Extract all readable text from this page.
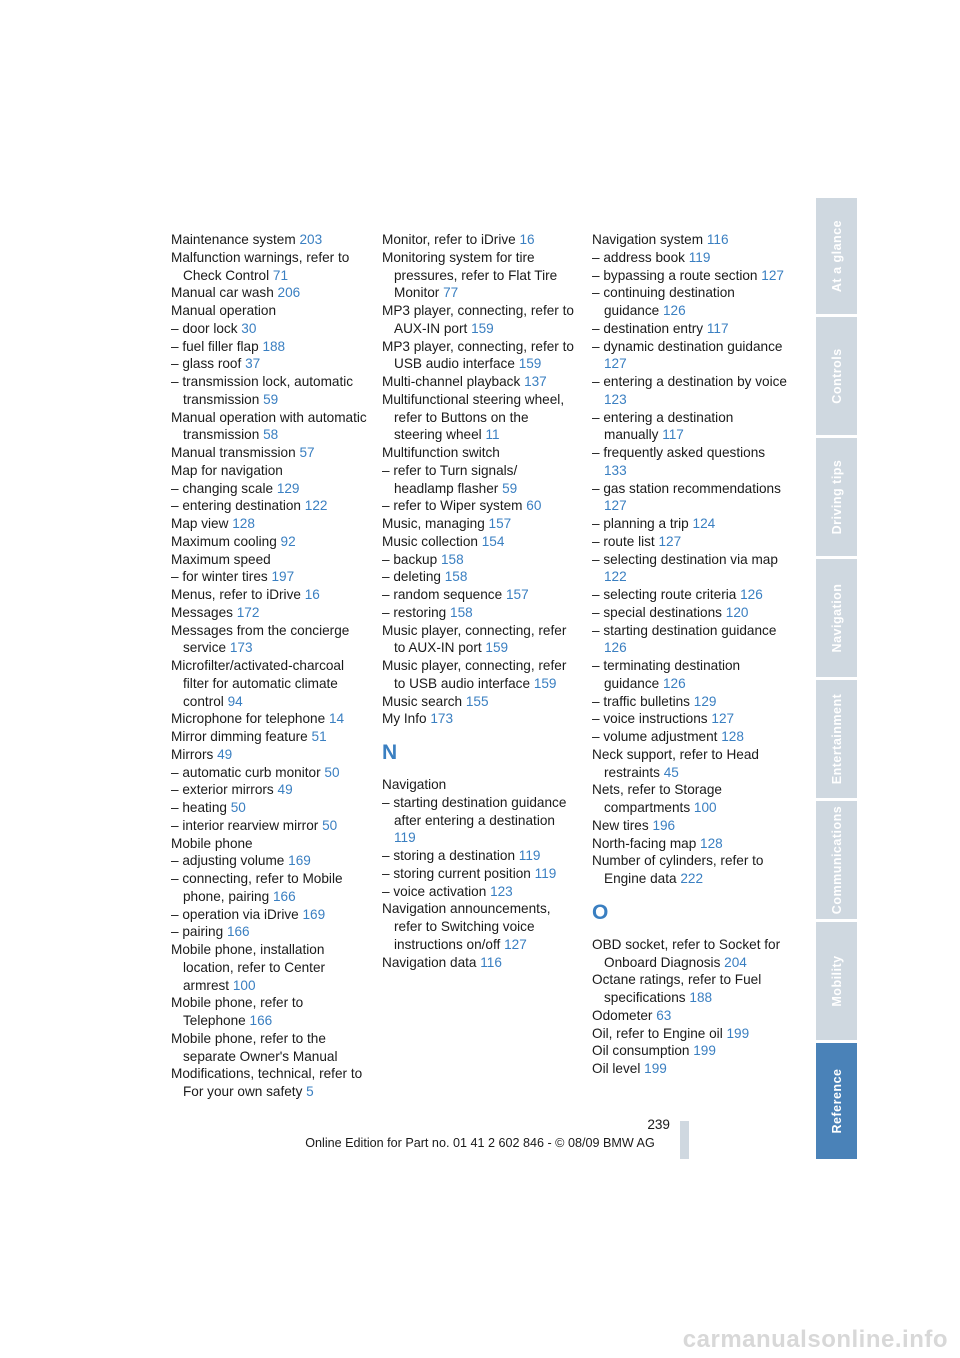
Maintenance system 203
Malfunction warnings, refer to Check Control 71
Manual car wash 206
Manual operation
– door lock 30
– fuel filler flap 188
– glass roof 37
– transmission lock, automatic transmission 59
Manual operation with automatic transmission 58
Manual transmission 57
Map for navigation
– changing scale 129
– entering destination 122
Map view 128
Maximum cooling 92
Maximum speed
– for winter tires 197
Menus, refer to iDrive 16
Messages 172
Messages from the concierge service 173
Microfilter/activated-charcoal filter for automatic climate control 94
Microphone for telephone 14
Mirror dimming feature 51
Mirrors 49
– automatic curb monitor 50
– exterior mirrors 49
– heating 50
– interior rearview mirror 50
Mobile phone
– adjusting volume 169
– connecting, refer to Mobile phone, pairing 166
– operation via iDrive 169
– pairing 166
Mobile phone, installation location, refer to Center armrest 100
Mobile phone, refer to Telephone 166
Mobile phone, refer to the separate Owner's Manual
Modifications, technical, refer to For your own safety 5
Monitor, refer to iDrive 16
Monitoring system for tire pressures, refer to Flat Tire Monitor 77
MP3 player, connecting, refer to AUX-IN port 159
MP3 player, connecting, refer to USB audio interface 159
Multi-channel playback 137
Multifunctional steering wheel, refer to Buttons on the steering wheel 11
Multifunction switch
– refer to Turn signals/ headlamp flasher 59
– refer to Wiper system 60
Music, managing 157
Music collection 154
– backup 158
– deleting 158
– random sequence 157
– restoring 158
Music player, connecting, refer to AUX-IN port 159
Music player, connecting, refer to USB audio interface 159
Music search 155
My Info 173
N
Navigation
– starting destination guidance after entering a destination 119
– storing a destination 119
– storing current position 119
– voice activation 123
Navigation announcements, refer to Switching voice instructions on/off 127
Navigation data 116
Navigation system 116
– address book 119
– bypassing a route section 127
– continuing destination guidance 126
– destination entry 117
– dynamic destination guidance 127
– entering a destination by voice 123
– entering a destination manually 117
– frequently asked questions 133
– gas station recommendations 127
– planning a trip 124
– route list 127
– selecting destination via map 122
– selecting route criteria 126
– special destinations 120
– starting destination guidance 126
– terminating destination guidance 126
– traffic bulletins 129
– voice instructions 127
– volume adjustment 128
Neck support, refer to Head restraints 45
Nets, refer to Storage compartments 100
New tires 196
North-facing map 128
Number of cylinders, refer to Engine data 222
O
OBD socket, refer to Socket for Onboard Diagnosis 204
Octane ratings, refer to Fuel specifications 188
Odometer 63
Oil, refer to Engine oil 199
Oil consumption 199
Oil level 199
At a glance
Controls
Driving tips
Navigation
Entertainment
Communications
Mobility
Reference
239
Online Edition for Part no. 01 41 2 602 846 - © 08/09 BMW AG
carmanualsonline.info
